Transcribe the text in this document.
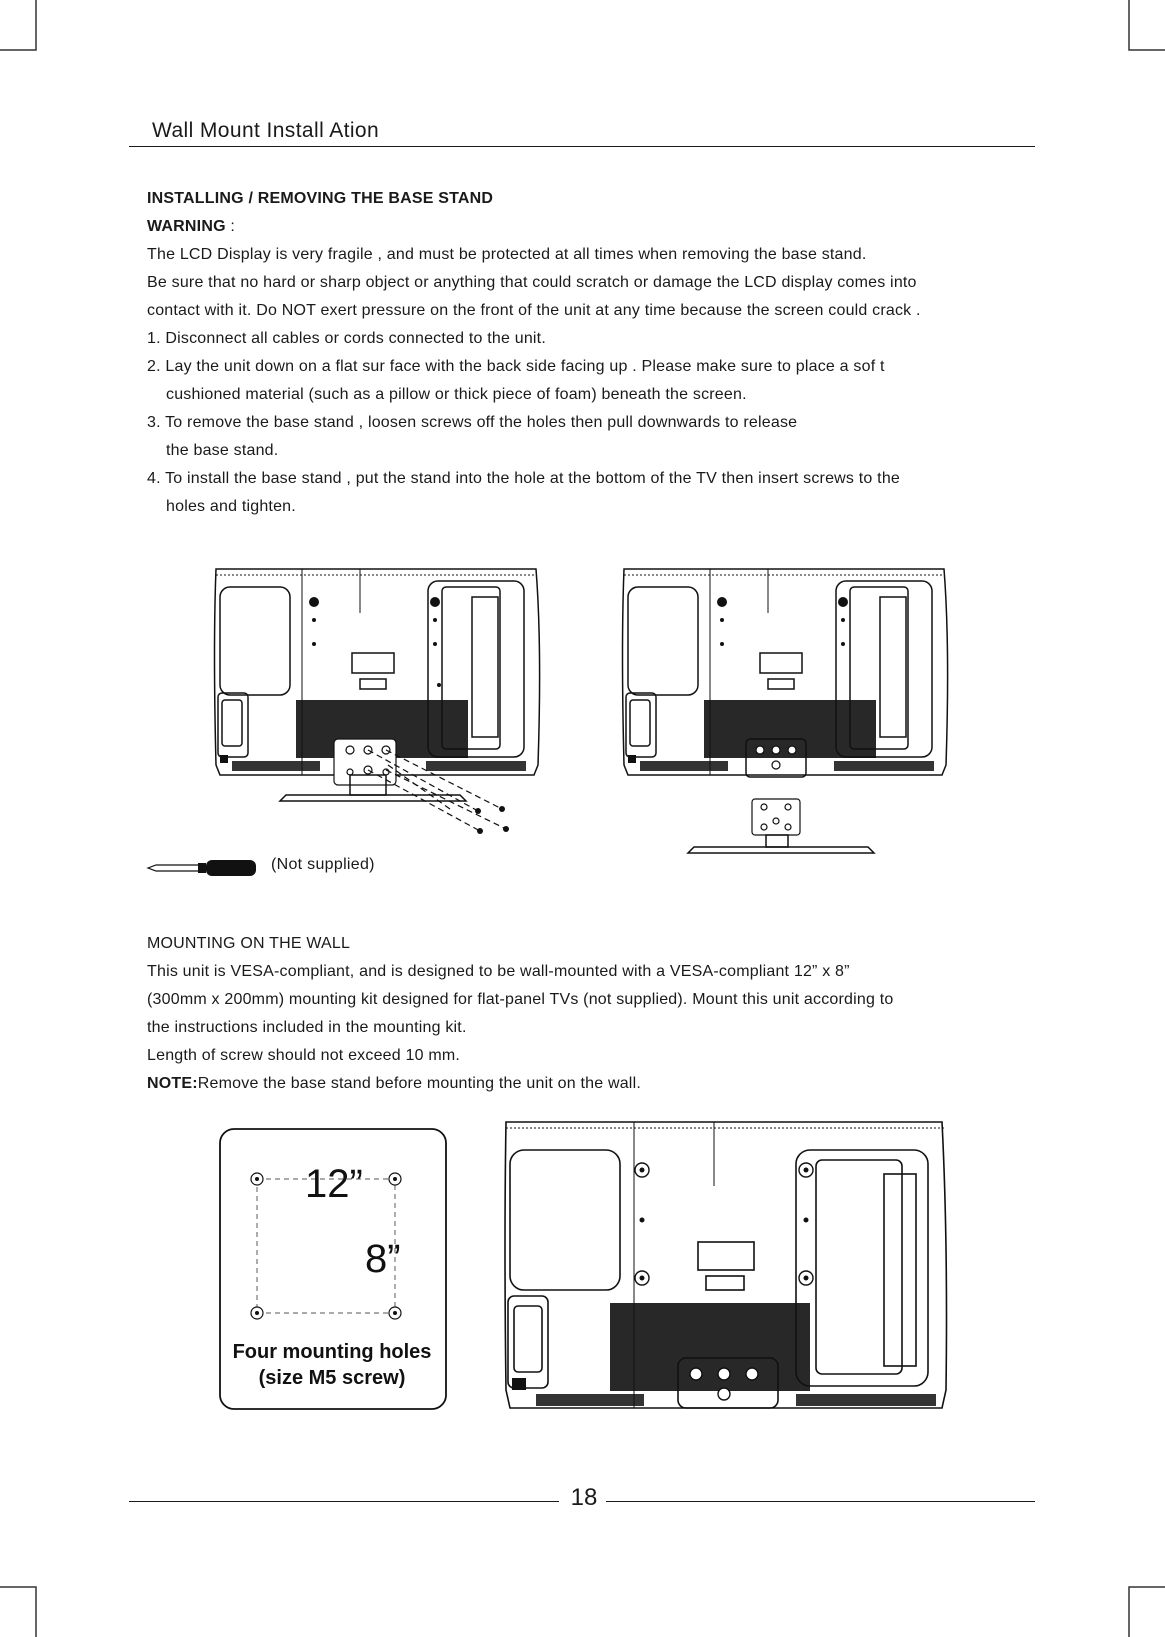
Wall Mount Install Ation

INSTALLING / REMOVING THE BASE STAND

WARNING :

The LCD Display is very fragile , and must be protected at all times when removing the base stand.

Be sure that no hard or sharp object or anything that could scratch or damage the LCD display comes into

contact with it. Do NOT exert pressure on the front of the unit at any time because the screen could crack .

1. Disconnect all cables or cords connected to the unit.

2. Lay the unit down on a flat sur face with the back side facing up . Please make sure to place a sof t

cushioned material (such as a pillow or thick piece of foam) beneath the screen.

3. To remove the base stand , loosen screws off the holes then pull downwards to release

the base stand.

4. To install the base stand , put the stand into the hole at the bottom of the TV then insert screws to the

holes and tighten.

(Not supplied)

MOUNTING ON THE WALL

This unit is VESA-compliant, and is designed to be wall-mounted with a VESA-compliant 12” x 8”

(300mm x 200mm) mounting kit designed for flat-panel TVs (not supplied). Mount this unit according to

the instructions included in the mounting kit.

Length of screw should not exceed 10 mm.

NOTE:Remove the base stand before mounting the unit on the wall.

12”
8”
Four mounting holes
(size M5 screw)
18
